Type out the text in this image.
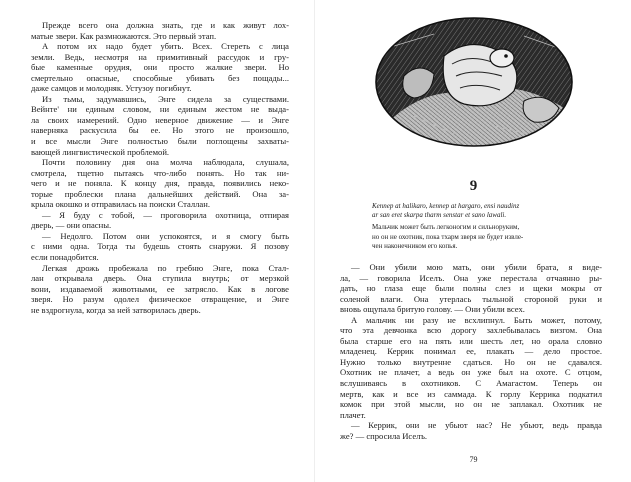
Прежде всего она должна знать, где и как живут лох-
матые звери. Как размножаются. Это первый этап.
А потом их надо будет убить. Всех. Стереть с лица
земли. Ведь, несмотря на примитивный рассудок и гру-
бые каменные орудия, они просто жалкие звери. Но
смертельно опасные, способные убивать без пощады...
даже самцов и молодняк. Устузоу погибнут.
Из тьмы, задумавшись, Энге сидела за существами.
Вейнте' ни единым словом, ни единым жестом не выда-
ла своих намерений. Одно неверное движение — и Энге
наверняка раскусила бы ее. Но этого не произошло,
и все мысли Энге полностью были поглощены захваты-
вающей лингвистической проблемой.
Почти половину дня она молча наблюдала, слушала,
смотрела, тщетно пытаясь что-либо понять. Но так ни-
чего и не поняла. К концу дня, правда, появились неко-
торые проблески плана дальнейших действий. Она за-
крыла окошко и отправилась на поиски Сталлан.
— Я буду с тобой, — проговорила охотница, отпирая
дверь, — они опасны.
— Недолго. Потом они успокоятся, и я смогу быть
с ними одна. Тогда ты будешь стоять снаружи. Я позову
если понадобится.
Легкая дрожь пробежала по гребню Энге, пока Стал-
лан открывала дверь. Она ступила внутрь; от мерзкой
вони, издаваемой животными, ее затрясло. Как в логове
зверя. Но разум одолел физическое отвращение, и Энге
не вздрогнула, когда за ней затворилась дверь.
9
Kennep at halikaro, kennep at hargaro, ensi naudinz
ar san eret skarpa tharm senstar et sano lawali.
Мальчик может быть легконогим и сильноруким,
но он не охотник, пока тхарм зверя не будет извле-
чен наконечником его копья.
— Они убили мою мать, они убили брата, я виде-
ла, — говорила Иселъ. Она уже перестала отчаянно ры-
дать, но глаза еще были полны слез и щеки мокры от
соленой влаги. Она утерлась тыльной стороной руки и
вновь ощупала бритую голову. — Они убили всех.
А мальчик ни разу не всхлипнул. Быть может, потому,
что эта девчонка всю дорогу захлебывалась визгом. Она
была старше его на пять или шесть лет, но орала словно
младенец. Керрик понимал ее, плакать — дело простое.
Нужно только внутренне сдаться. Но он не сдавался.
Охотник не плачет, а ведь он уже был на охоте. С отцом,
вслушиваясь в охотников. С Амагастом. Теперь он
мертв, как и все из саммада. К горлу Керрика подкатил
комок при этой мысли, но он не заплакал. Охотник не
плачет.
— Керрик, они не убьют нас? Не убьют, ведь правда
же? — спросила Иселъ.
79
